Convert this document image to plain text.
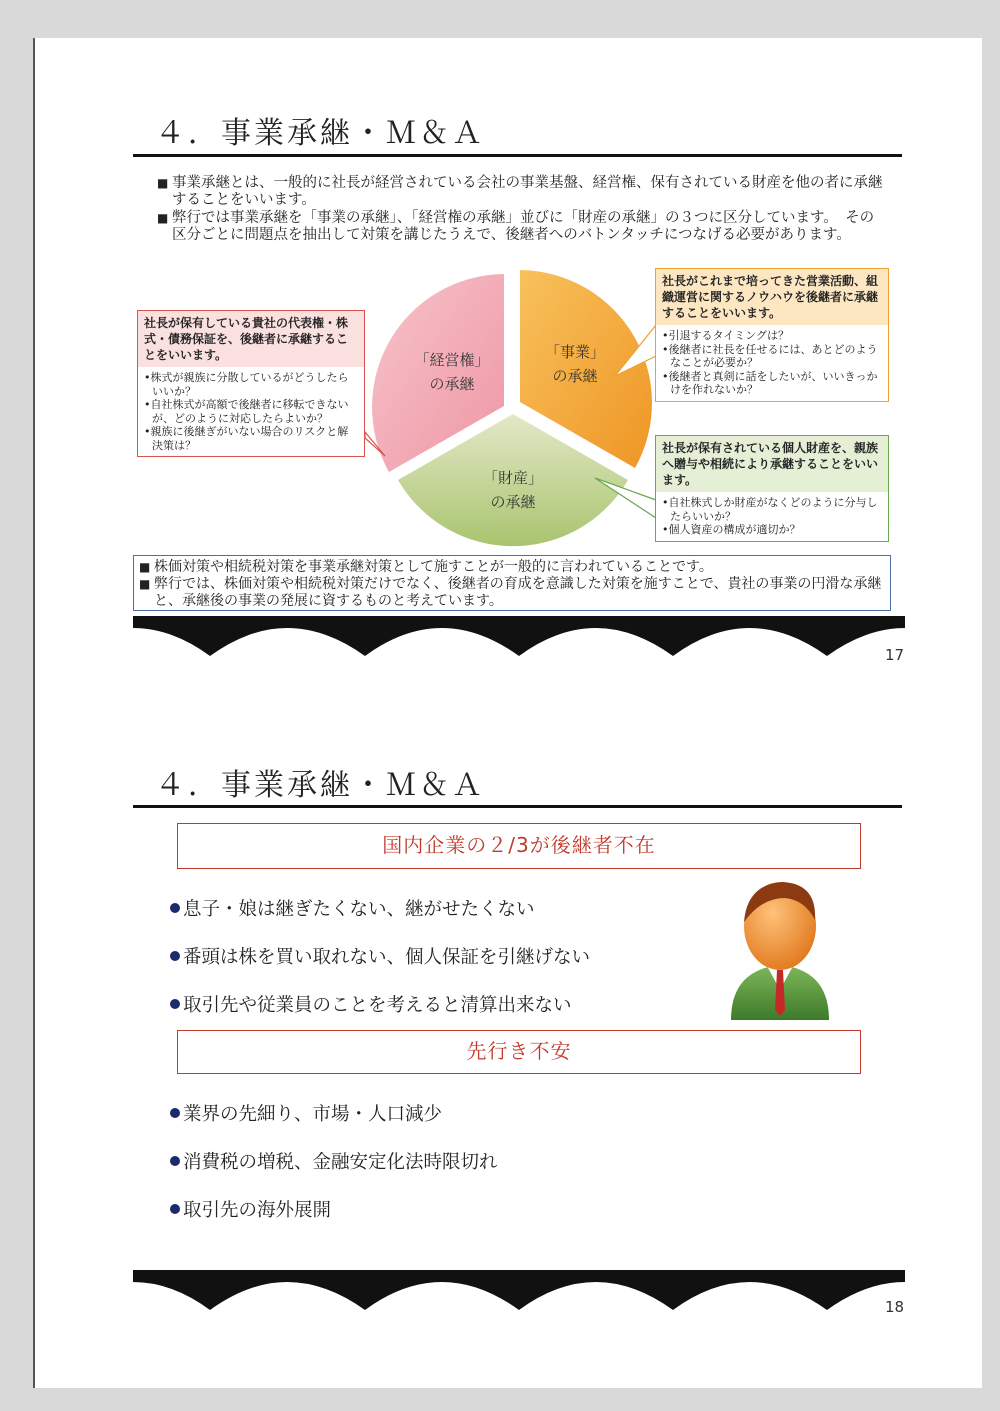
４．事業承継・Ｍ＆Ａ
■ 事業承継とは、一般的に社長が経営されている会社の事業基盤、経営権、保有されている財産を他の者に承継することをいいます。
■ 弊行では事業承継を「事業の承継」、「経営権の承継」並びに「財産の承継」の３つに区分しています。　その区分ごとに問題点を抽出して対策を講じたうえで、後継者へのバトンタッチにつなげる必要があります。
「経営権」
の承継
「事業」
の承継
「財産」
の承継
社長が保有している貴社の代表権・株式・債務保証を、後継者に承継することをいいます。
•株式が親族に分散しているがどうしたらいいか？
•自社株式が高額で後継者に移転できないが、どのように対応したらよいか？
•親族に後継ぎがいない場合のリスクと解決策は？
社長がこれまで培ってきた営業活動、組織運営に関するノウハウを後継者に承継することをいいます。
•引退するタイミングは？
•後継者に社長を任せるには、あとどのようなことが必要か？
•後継者と真剣に話をしたいが、いいきっかけを作れないか？
社長が保有されている個人財産を、親族へ贈与や相続により承継することをいいます。
•自社株式しか財産がなくどのように分与したらいいか？
•個人資産の構成が適切か？
■ 株価対策や相続税対策を事業承継対策として施すことが一般的に言われていることです。
■ 弊行では、株価対策や相続税対策だけでなく、後継者の育成を意識した対策を施すことで、貴社の事業の円滑な承継と、承継後の事業の発展に資するものと考えています。
17
４．事業承継・Ｍ＆Ａ
国内企業の２/3が後継者不在
息子・娘は継ぎたくない、継がせたくない
番頭は株を買い取れない、個人保証を引継げない
取引先や従業員のことを考えると清算出来ない
先行き不安
業界の先細り、市場・人口減少
消費税の増税、金融安定化法時限切れ
取引先の海外展開
18
